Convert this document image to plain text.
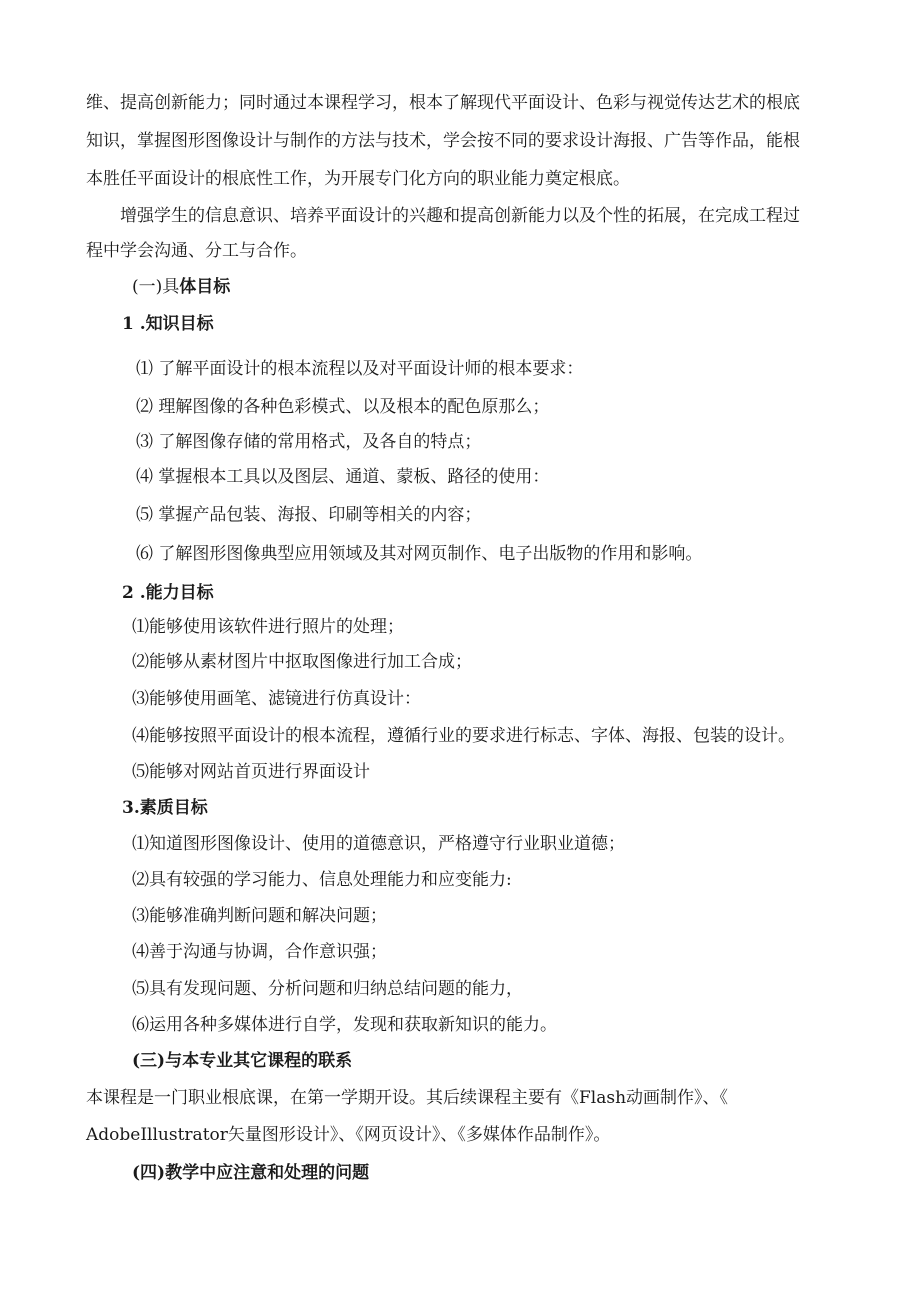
维、提高创新能力；同时通过本课程学习，根本了解现代平面设计、色彩与视觉传达艺术的根底
知识，掌握图形图像设计与制作的方法与技术，学会按不同的要求设计海报、广告等作品，能根
本胜任平面设计的根底性工作，为开展专门化方向的职业能力奠定根底。
增强学生的信息意识、培养平面设计的兴趣和提高创新能力以及个性的拓展，在完成工程过
程中学会沟通、分工与合作。
(一)具体目标
1 .知识目标
⑴ 了解平面设计的根本流程以及对平面设计师的根本要求：
⑵ 理解图像的各种色彩模式、以及根本的配色原那么；
⑶ 了解图像存储的常用格式，及各自的特点；
⑷ 掌握根本工具以及图层、通道、蒙板、路径的使用：
⑸ 掌握产品包装、海报、印刷等相关的内容；
⑹ 了解图形图像典型应用领域及其对网页制作、电子出版物的作用和影响。
2 .能力目标
⑴能够使用该软件进行照片的处理；
⑵能够从素材图片中抠取图像进行加工合成；
⑶能够使用画笔、滤镜进行仿真设计：
⑷能够按照平面设计的根本流程，遵循行业的要求进行标志、字体、海报、包装的设计。
⑸能够对网站首页进行界面设计
3.素质目标
⑴知道图形图像设计、使用的道德意识，严格遵守行业职业道德；
⑵具有较强的学习能力、信息处理能力和应变能力:
⑶能够准确判断问题和解决问题；
⑷善于沟通与协调，合作意识强；
⑸具有发现问题、分析问题和归纳总结问题的能力，
⑹运用各种多媒体进行自学，发现和获取新知识的能力。
(三)与本专业其它课程的联系
本课程是一门职业根底课，在第一学期开设。其后续课程主要有《Flash动画制作》、《
AdobeIllustrator矢量图形设计》、《网页设计》、《多媒体作品制作》。
(四)教学中应注意和处理的问题
